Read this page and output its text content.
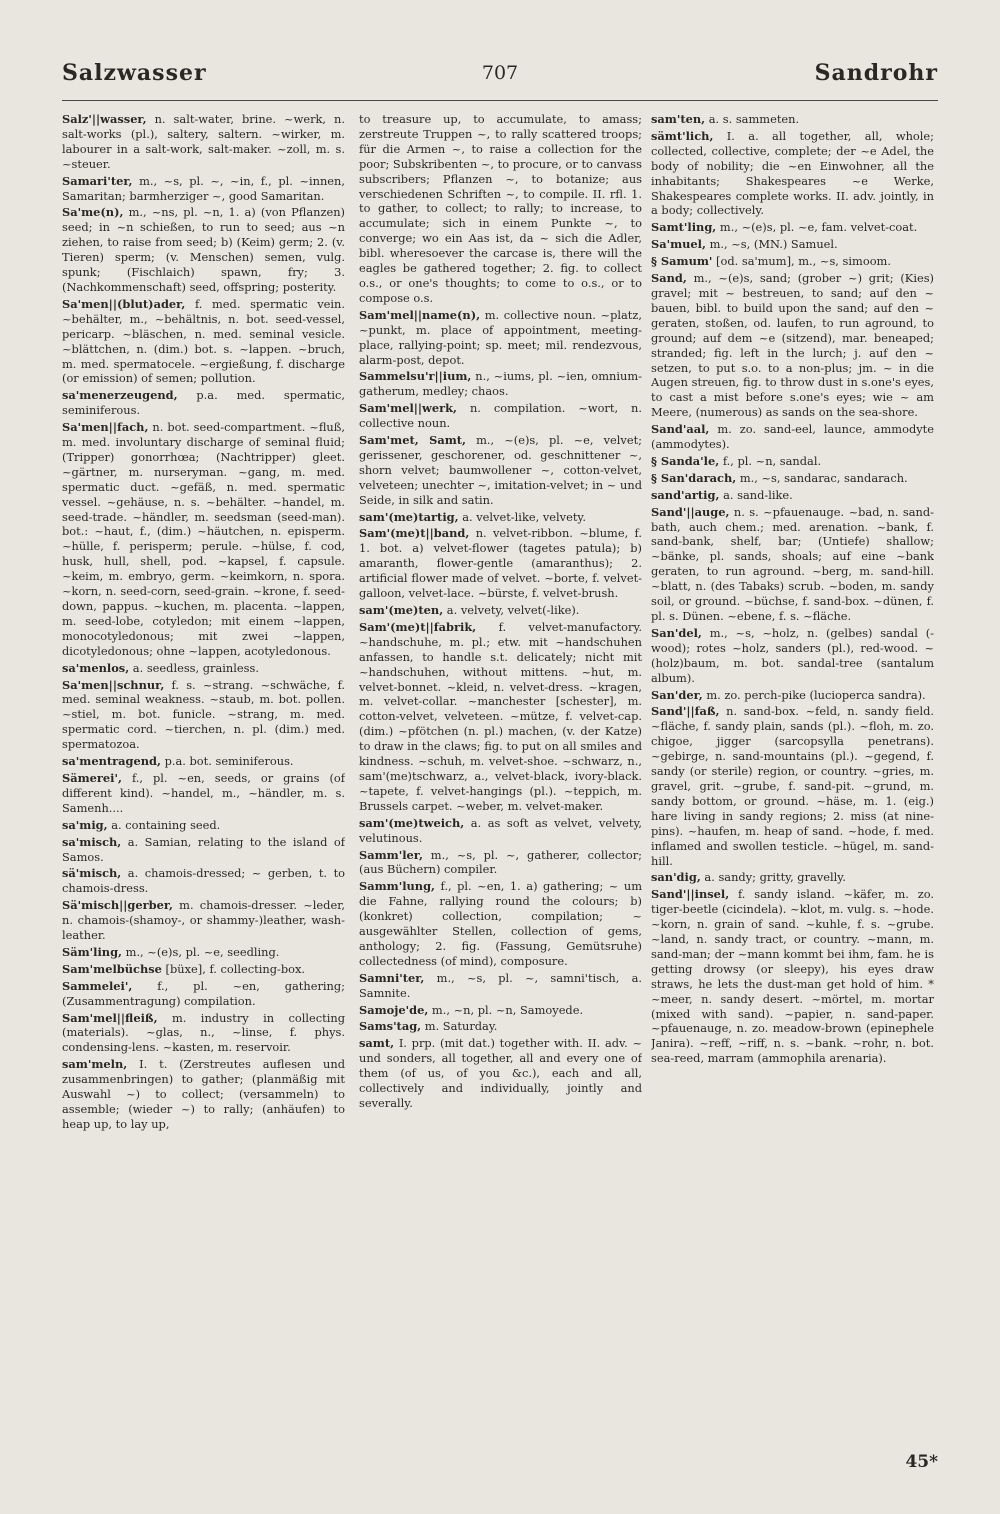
Salzwasser	707	Sandrohr

Salz'||wasser, n. salt-water, brine. ~werk, n. salt-works (pl.), saltery, saltern. ~wirker, m. labourer in a salt-work, salt-maker. ~zoll, m. s. ~steuer.

Samari'ter, m., ~s, pl. ~, ~in, f., pl. ~innen, Samaritan; barmherziger ~, good Samaritan.

Sa'me(n), m., ~ns, pl. ~n, 1. a) (von Pflanzen) seed; in ~n schießen, to run to seed; aus ~n ziehen, to raise from seed; b) (Keim) germ; 2. (v. Tieren) sperm; (v. Menschen) semen, vulg. spunk; (Fischlaich) spawn, fry; 3. (Nachkommenschaft) seed, offspring; posterity.

Sa'men||(blut)ader, f. med. spermatic vein. ~behälter, m., ~behältnis, n. bot. seed-vessel, pericarp. ~bläschen, n. med. seminal vesicle. ~blättchen, n. (dim.) bot. s. ~lappen. ~bruch, m. med. spermatocele. ~ergießung, f. discharge (or emission) of semen; pollution.

sa'menerzeugend, p.a. med. spermatic, seminiferous.

Sa'men||fach, n. bot. seed-compartment. ~fluß, m. med. involuntary discharge of seminal fluid; (Tripper) gonorrhœa; (Nachtripper) gleet. ~gärtner, m. nurseryman. ~gang, m. med. spermatic duct. ~gefäß, n. med. spermatic vessel. ~gehäuse, n. s. ~behälter. ~handel, m. seed-trade. ~händler, m. seedsman (seed-man). bot.: ~haut, f., (dim.) ~häutchen, n. episperm. ~hülle, f. perisperm; perule. ~hülse, f. cod, husk, hull, shell, pod. ~kapsel, f. capsule. ~keim, m. embryo, germ. ~keimkorn, n. spora. ~korn, n. seed-corn, seed-grain. ~krone, f. seed-down, pappus. ~kuchen, m. placenta. ~lappen, m. seed-lobe, cotyledon; mit einem ~lappen, monocotyledonous; mit zwei ~lappen, dicotyledonous; ohne ~lappen, acotyledonous.

sa'menlos, a. seedless, grainless.

Sa'men||schnur, f. s. ~strang. ~schwäche, f. med. seminal weakness. ~staub, m. bot. pollen. ~stiel, m. bot. funicle. ~strang, m. med. spermatic cord. ~tierchen, n. pl. (dim.) med. spermatozoa.

sa'mentragend, p.a. bot. seminiferous.

Sämerei', f., pl. ~en, seeds, or grains (of different kind). ~handel, m., ~händler, m. s. Samenh....

sa'mig, a. containing seed.

sa'misch, a. Samian, relating to the island of Samos.

sä'misch, a. chamois-dressed; ~ gerben, t. to chamois-dress.

Sä'misch||gerber, m. chamois-dresser. ~leder, n. chamois-(shamoy-, or shammy-)leather, wash-leather.

Säm'ling, m., ~(e)s, pl. ~e, seedling.

Sam'melbüchse [büxe], f. collecting-box.

Sammelei', f., pl. ~en, gathering; (Zusammentragung) compilation.

Sam'mel||fleiß, m. industry in collecting (materials). ~glas, n., ~linse, f. phys. condensing-lens. ~kasten, m. reservoir.

sam'meln, I. t. (Zerstreutes auflesen und zusammenbringen) to gather; (planmäßig mit Auswahl ~) to collect; (versammeln) to assemble; (wieder ~) to rally; (anhäufen) to heap up, to lay up,

to treasure up, to accumulate, to amass; zerstreute Truppen ~, to rally scattered troops; für die Armen ~, to raise a collection for the poor; Subskribenten ~, to procure, or to canvass subscribers; Pflanzen ~, to botanize; aus verschiedenen Schriften ~, to compile. II. rfl. 1. to gather, to collect; to rally; to increase, to accumulate; sich in einem Punkte ~, to converge; wo ein Aas ist, da ~ sich die Adler, bibl. wheresoever the carcase is, there will the eagles be gathered together; 2. fig. to collect o.s., or one's thoughts; to come to o.s., or to compose o.s.

Sam'mel||name(n), m. collective noun. ~platz, ~punkt, m. place of appointment, meeting-place, rallying-point; sp. meet; mil. rendezvous, alarm-post, depot.

Sammelsu'r||ium, n., ~iums, pl. ~ien, omnium-gatherum, medley; chaos.

Sam'mel||werk, n. compilation. ~wort, n. collective noun.

Sam'met, Samt, m., ~(e)s, pl. ~e, velvet; gerissener, geschorener, od. geschnittener ~, shorn velvet; baumwollener ~, cotton-velvet, velveteen; unechter ~, imitation-velvet; in ~ und Seide, in silk and satin.

sam'(me)tartig, a. velvet-like, velvety.

Sam'(me)t||band, n. velvet-ribbon. ~blume, f. 1. bot. a) velvet-flower (tagetes patula); b) amaranth, flower-gentle (amaranthus); 2. artificial flower made of velvet. ~borte, f. velvet-galloon, velvet-lace. ~bürste, f. velvet-brush.

sam'(me)ten, a. velvety, velvet(-like).

Sam'(me)t||fabrik, f. velvet-manufactory. ~handschuhe, m. pl.; etw. mit ~handschuhen anfassen, to handle s.t. delicately; nicht mit ~handschuhen, without mittens. ~hut, m. velvet-bonnet. ~kleid, n. velvet-dress. ~kragen, m. velvet-collar. ~manchester [schester], m. cotton-velvet, velveteen. ~mütze, f. velvet-cap. (dim.) ~pfötchen (n. pl.) machen, (v. der Katze) to draw in the claws; fig. to put on all smiles and kindness. ~schuh, m. velvet-shoe. ~schwarz, n., sam'(me)tschwarz, a., velvet-black, ivory-black. ~tapete, f. velvet-hangings (pl.). ~teppich, m. Brussels carpet. ~weber, m. velvet-maker.

sam'(me)tweich, a. as soft as velvet, velvety, velutinous.

Samm'ler, m., ~s, pl. ~, gatherer, collector; (aus Büchern) compiler.

Samm'lung, f., pl. ~en, 1. a) gathering; ~ um die Fahne, rallying round the colours; b) (konkret) collection, compilation; ~ ausgewählter Stellen, collection of gems, anthology; 2. fig. (Fassung, Gemütsruhe) collectedness (of mind), composure.

Samni'ter, m., ~s, pl. ~, samni'tisch, a. Samnite.

Samoje'de, m., ~n, pl. ~n, Samoyede.

Sams'tag, m. Saturday.

samt, I. prp. (mit dat.) together with. II. adv. ~ und sonders, all together, all and every one of them (of us, of you &c.), each and all, collectively and individually, jointly and severally.

sam'ten, a. s. sammeten.

sämt'lich, I. a. all together, all, whole; collected, collective, complete; der ~e Adel, the body of nobility; die ~en Einwohner, all the inhabitants; Shakespeares ~e Werke, Shakespeares complete works. II. adv. jointly, in a body; collectively.

Samt'ling, m., ~(e)s, pl. ~e, fam. velvet-coat.

Sa'muel, m., ~s, (MN.) Samuel.

§ Samum' [od. sa'mum], m., ~s, simoom.

Sand, m., ~(e)s, sand; (grober ~) grit; (Kies) gravel; mit ~ bestreuen, to sand; auf den ~ bauen, bibl. to build upon the sand; auf den ~ geraten, stoßen, od. laufen, to run aground, to ground; auf dem ~e (sitzend), mar. beneaped; stranded; fig. left in the lurch; j. auf den ~ setzen, to put s.o. to a non-plus; jm. ~ in die Augen streuen, fig. to throw dust in s.one's eyes, to cast a mist before s.one's eyes; wie ~ am Meere, (numerous) as sands on the sea-shore.

Sand'aal, m. zo. sand-eel, launce, ammodyte (ammodytes).

§ Sanda'le, f., pl. ~n, sandal.

§ San'darach, m., ~s, sandarac, sandarach.

sand'artig, a. sand-like.

Sand'||auge, n. s. ~pfauenauge. ~bad, n. sand-bath, auch chem.; med. arenation. ~bank, f. sand-bank, shelf, bar; (Untiefe) shallow; ~bänke, pl. sands, shoals; auf eine ~bank geraten, to run aground. ~berg, m. sand-hill. ~blatt, n. (des Tabaks) scrub. ~boden, m. sandy soil, or ground. ~büchse, f. sand-box. ~dünen, f. pl. s. Dünen. ~ebene, f. s. ~fläche.

San'del, m., ~s, ~holz, n. (gelbes) sandal (-wood); rotes ~holz, sanders (pl.), red-wood. ~(holz)baum, m. bot. sandal-tree (santalum album).

San'der, m. zo. perch-pike (lucioperca sandra).

Sand'||faß, n. sand-box. ~feld, n. sandy field. ~fläche, f. sandy plain, sands (pl.). ~floh, m. zo. chigoe, jigger (sarcopsylla penetrans). ~gebirge, n. sand-mountains (pl.). ~gegend, f. sandy (or sterile) region, or country. ~gries, m. gravel, grit. ~grube, f. sand-pit. ~grund, m. sandy bottom, or ground. ~häse, m. 1. (eig.) hare living in sandy regions; 2. miss (at nine-pins). ~haufen, m. heap of sand. ~hode, f. med. inflamed and swollen testicle. ~hügel, m. sand-hill.

san'dig, a. sandy; gritty, gravelly.

Sand'||insel, f. sandy island. ~käfer, m. zo. tiger-beetle (cicindela). ~klot, m. vulg. s. ~hode. ~korn, n. grain of sand. ~kuhle, f. s. ~grube. ~land, n. sandy tract, or country. ~mann, m. sand-man; der ~mann kommt bei ihm, fam. he is getting drowsy (or sleepy), his eyes draw straws, he lets the dust-man get hold of him. * ~meer, n. sandy desert. ~mörtel, m. mortar (mixed with sand). ~papier, n. sand-paper. ~pfauenauge, n. zo. meadow-brown (epinephele Janira). ~reff, ~riff, n. s. ~bank. ~rohr, n. bot. sea-reed, marram (ammophila arenaria).

45*
